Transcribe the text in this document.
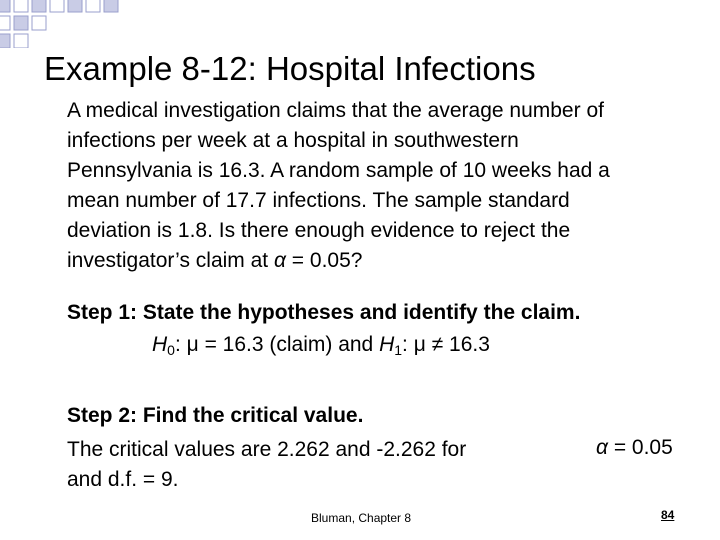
Example 8-12: Hospital Infections
A medical investigation claims that the average number of
infections per week at a hospital in southwestern
Pennsylvania is 16.3. A random sample of 10 weeks had a
mean number of 17.7 infections. The sample standard
deviation is 1.8. Is there enough evidence to reject the
investigator’s claim at α = 0.05?
Step 1: State the hypotheses and identify the claim.
$H_0$: μ = 16.3 (claim) and $H_1$: μ ≠ 16.3
Step 2: Find the critical value.
The critical values are 2.262 and -2.262 for
and d.f. = 9.
α = 0.05
Bluman, Chapter 8	84
